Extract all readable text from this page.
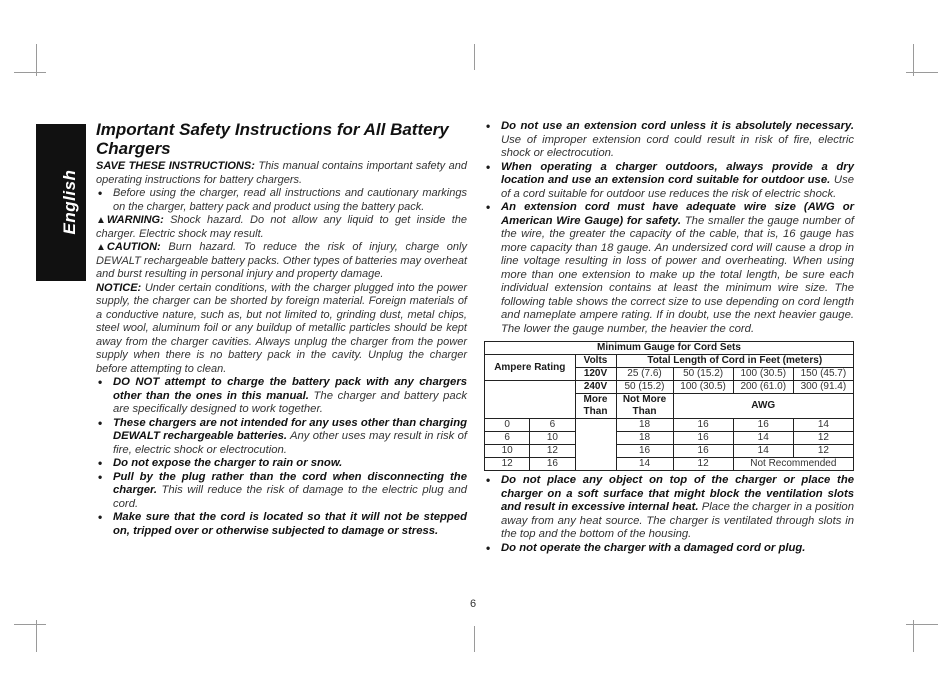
English
Important Safety Instructions for All Battery Chargers

SAVE THESE INSTRUCTIONS: This manual contains important safety and operating instructions for battery chargers.

• Before using the charger, read all instructions and cautionary markings on the charger, battery pack and product using the battery pack.

▲WARNING: Shock hazard. Do not allow any liquid to get inside the charger. Electric shock may result.

▲CAUTION: Burn hazard. To reduce the risk of injury, charge only DEWALT rechargeable battery packs. Other types of batteries may overheat and burst resulting in personal injury and property damage.

NOTICE: Under certain conditions, with the charger plugged into the power supply, the charger can be shorted by foreign material. Foreign materials of a conductive nature, such as, but not limited to, grinding dust, metal chips, steel wool, aluminum foil or any buildup of metallic particles should be kept away from the charger cavities. Always unplug the charger from the power supply when there is no battery pack in the cavity. Unplug the charger before attempting to clean.

• DO NOT attempt to charge the battery pack with any chargers other than the ones in this manual. The charger and battery pack are specifically designed to work together.
• These chargers are not intended for any uses other than charging DEWALT rechargeable batteries. Any other uses may result in risk of fire, electric shock or electrocution.
• Do not expose the charger to rain or snow.
• Pull by the plug rather than the cord when disconnecting the charger. This will reduce the risk of damage to the electric plug and cord.
• Make sure that the cord is located so that it will not be stepped on, tripped over or otherwise subjected to damage or stress.
• Do not use an extension cord unless it is absolutely necessary. Use of improper extension cord could result in risk of fire, electric shock or electrocution.
• When operating a charger outdoors, always provide a dry location and use an extension cord suitable for outdoor use. Use of a cord suitable for outdoor use reduces the risk of electric shock.
• An extension cord must have adequate wire size (AWG or American Wire Gauge) for safety. The smaller the gauge number of the wire, the greater the capacity of the cable, that is, 16 gauge has more capacity than 18 gauge. An undersized cord will cause a drop in line voltage resulting in loss of power and overheating. When using more than one extension to make up the total length, be sure each individual extension contains at least the minimum wire size. The following table shows the correct size to use depending on cord length and nameplate ampere rating. If in doubt, use the next heavier gauge. The lower the gauge number, the heavier the cord.
Minimum Gauge for Cord Sets						
Ampere Rating		Volts	Total Length of Cord in Feet (meters)			
		120V	25 (7.6)	50 (15.2)	100 (30.5)	150 (45.7)
		240V	50 (15.2)	100 (30.5)	200 (61.0)	300 (91.4)
		More Than	Not More Than	AWG		
0	6		18	16	16	14
6	10		18	16	14	12
10	12		16	16	14	12
12	16		14	12	Not Recommended	
• Do not place any object on top of the charger or place the charger on a soft surface that might block the ventilation slots and result in excessive internal heat. Place the charger in a position away from any heat source. The charger is ventilated through slots in the top and the bottom of the housing.
• Do not operate the charger with a damaged cord or plug.
6
